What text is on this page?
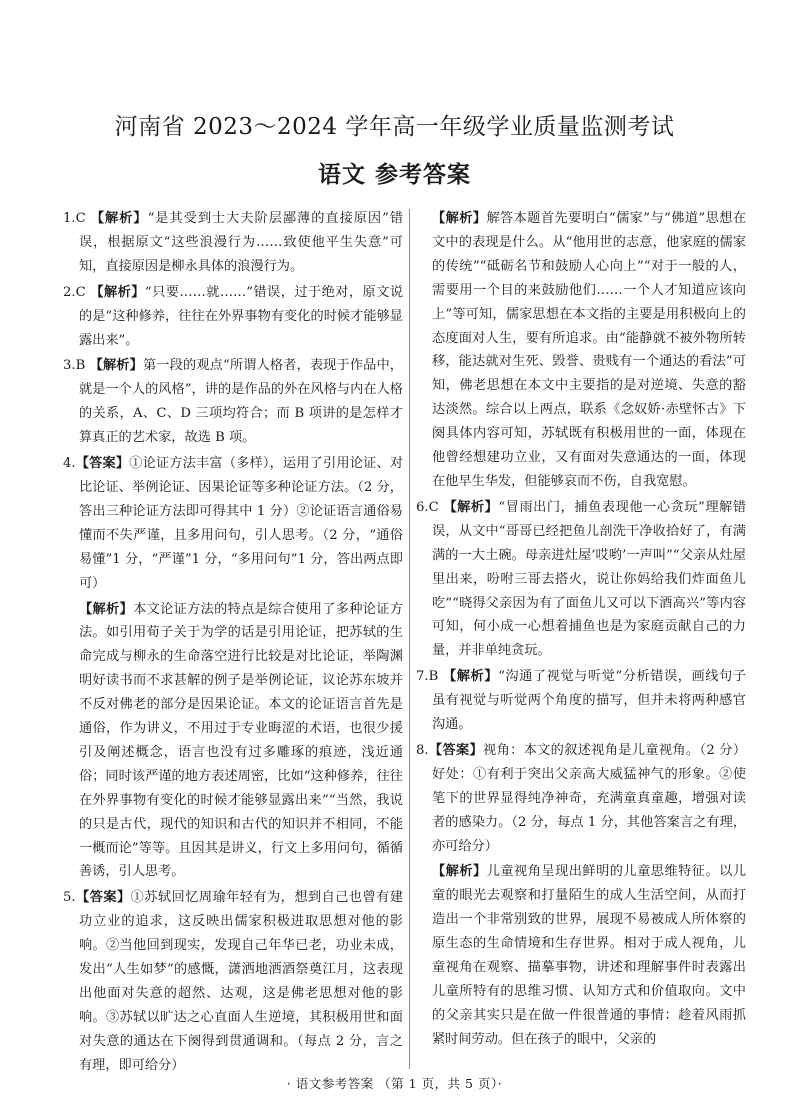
河南省 2023～2024 学年高一年级学业质量监测考试
语文 参考答案

1.C 【解析】“是其受到士大夫阶层鄙薄的直接原因”错误，根据原文“这些浪漫行为……致使他平生失意”可知，直接原因是柳永具体的浪漫行为。

2.C 【解析】“只要……就……”错误，过于绝对，原文说的是“这种修养，往往在外界事物有变化的时候才能够显露出来”。

3.B 【解析】第一段的观点“所谓人格者，表现于作品中，就是一个人的风格”，讲的是作品的外在风格与内在人格的关系，A、C、D 三项均符合；而 B 项讲的是怎样才算真正的艺术家，故选 B 项。

4.【答案】①论证方法丰富（多样），运用了引用论证、对比论证、举例论证、因果论证等多种论证方法。（2 分，答出三种论证方法即可得其中 1 分）②论证语言通俗易懂而不失严谨，且多用问句，引人思考。（2 分，“通俗易懂”1 分，“严谨”1 分，“多用问句”1 分，答出两点即可）

【解析】本文论证方法的特点是综合使用了多种论证方法。如引用荀子关于为学的话是引用论证，把苏轼的生命完成与柳永的生命落空进行比较是对比论证，举陶渊明好读书而不求甚解的例子是举例论证，议论苏东坡并不反对佛老的部分是因果论证。本文的论证语言首先是通俗，作为讲义，不用过于专业晦涩的术语，也很少援引及阐述概念，语言也没有过多雕琢的痕迹，浅近通俗；同时该严谨的地方表述周密，比如“这种修养，往往在外界事物有变化的时候才能够显露出来”“当然，我说的只是古代，现代的知识和古代的知识并不相同，不能一概而论”等等。且因其是讲义，行文上多用问句，循循善诱，引人思考。

5.【答案】①苏轼回忆周瑜年轻有为，想到自己也曾有建功立业的追求，这反映出儒家积极进取思想对他的影响。②当他回到现实，发现自己年华已老，功业未成，发出“人生如梦”的感慨，潇洒地洒酒祭奠江月，这表现出他面对失意的超然、达观，这是佛老思想对他的影响。③苏轼以旷达之心直面人生逆境，其积极用世和面对失意的通达在下阕得到贯通调和。（每点 2 分，言之有理，即可给分）

【解析】解答本题首先要明白“儒家”与“佛道”思想在文中的表现是什么。从“他用世的志意，他家庭的儒家的传统”“砥砺名节和鼓励人心向上”“对于一般的人，需要用一个目的来鼓励他们……一个人才知道应该向上”等可知，儒家思想在本文指的主要是用积极向上的态度面对人生，要有所追求。由“能静就不被外物所转移，能达就对生死、毁誉、贵贱有一个通达的看法”可知，佛老思想在本文中主要指的是对逆境、失意的豁达淡然。综合以上两点，联系《念奴娇·赤壁怀古》下阕具体内容可知，苏轼既有积极用世的一面，体现在他曾经想建功立业，又有面对失意通达的一面，体现在他早生华发，但能够哀而不伤，自我宽慰。

6.C 【解析】“冒雨出门，捕鱼表现他一心贪玩”理解错误，从文中“哥哥已经把鱼儿剖洗干净收拾好了，有满满的一大土碗。母亲进灶屋‘哎哟’一声叫”“父亲从灶屋里出来，吩咐三哥去搭火，说让你妈给我们炸面鱼儿吃”“晓得父亲因为有了面鱼儿又可以下酒高兴”等内容可知，何小成一心想着捕鱼也是为家庭贡献自己的力量，并非单纯贪玩。

7.B 【解析】“沟通了视觉与听觉”分析错误，画线句子虽有视觉与听觉两个角度的描写，但并未将两种感官沟通。

8.【答案】视角：本文的叙述视角是儿童视角。（2 分）好处：①有利于突出父亲高大威猛神气的形象。②使笔下的世界显得纯净神奇，充满童真童趣，增强对读者的感染力。（2 分，每点 1 分，其他答案言之有理，亦可给分）

【解析】儿童视角呈现出鲜明的儿童思维特征。以儿童的眼光去观察和打量陌生的成人生活空间，从而打造出一个非常别致的世界，展现不易被成人所体察的原生态的生命情境和生存世界。相对于成人视角，儿童视角在观察、描摹事物，讲述和理解事件时表露出儿童所特有的思维习惯、认知方式和价值取向。文中的父亲其实只是在做一件很普通的事情：趁着风雨抓紧时间劳动。但在孩子的眼中，父亲的

· 语文参考答案 （第 1 页，共 5 页）·
